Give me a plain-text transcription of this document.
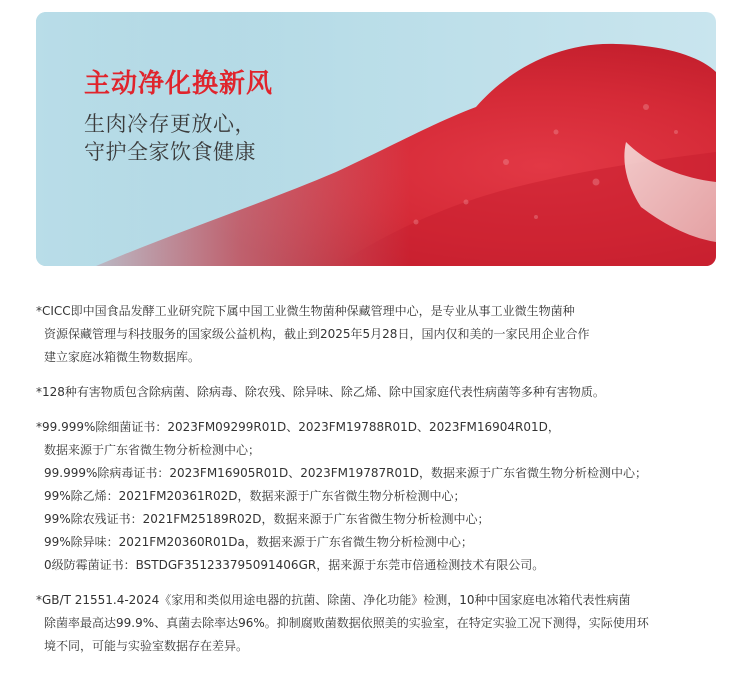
主动净化换新风
生肉冷存更放心，
守护全家饮食健康
*CICC即中国食品发酵工业研究院下属中国工业微生物菌种保藏管理中心，是专业从事工业微生物菌种
资源保藏管理与科技服务的国家级公益机构，截止到2025年5月28日，国内仅和美的一家民用企业合作
建立家庭冰箱微生物数据库。
*128种有害物质包含除病菌、除病毒、除农残、除异味、除乙烯、除中国家庭代表性病菌等多种有害物质。
*99.999%除细菌证书：2023FM09299R01D、2023FM19788R01D、2023FM16904R01D，
数据来源于广东省微生物分析检测中心；
99.999%除病毒证书：2023FM16905R01D、2023FM19787R01D，数据来源于广东省微生物分析检测中心；
99%除乙烯：2021FM20361R02D，数据来源于广东省微生物分析检测中心；
99%除农残证书：2021FM25189R02D，数据来源于广东省微生物分析检测中心；
99%除异味：2021FM20360R01Da，数据来源于广东省微生物分析检测中心；
0级防霉菌证书：BSTDGF351233795091406GR，据来源于东莞市倍通检测技术有限公司。
*GB/T 21551.4-2024《家用和类似用途电器的抗菌、除菌、净化功能》检测，10种中国家庭电冰箱代表性病菌
除菌率最高达99.9%、真菌去除率达96%。抑制腐败菌数据依照美的实验室，在特定实验工况下测得，实际使用环
境不同，可能与实验室数据存在差异。
